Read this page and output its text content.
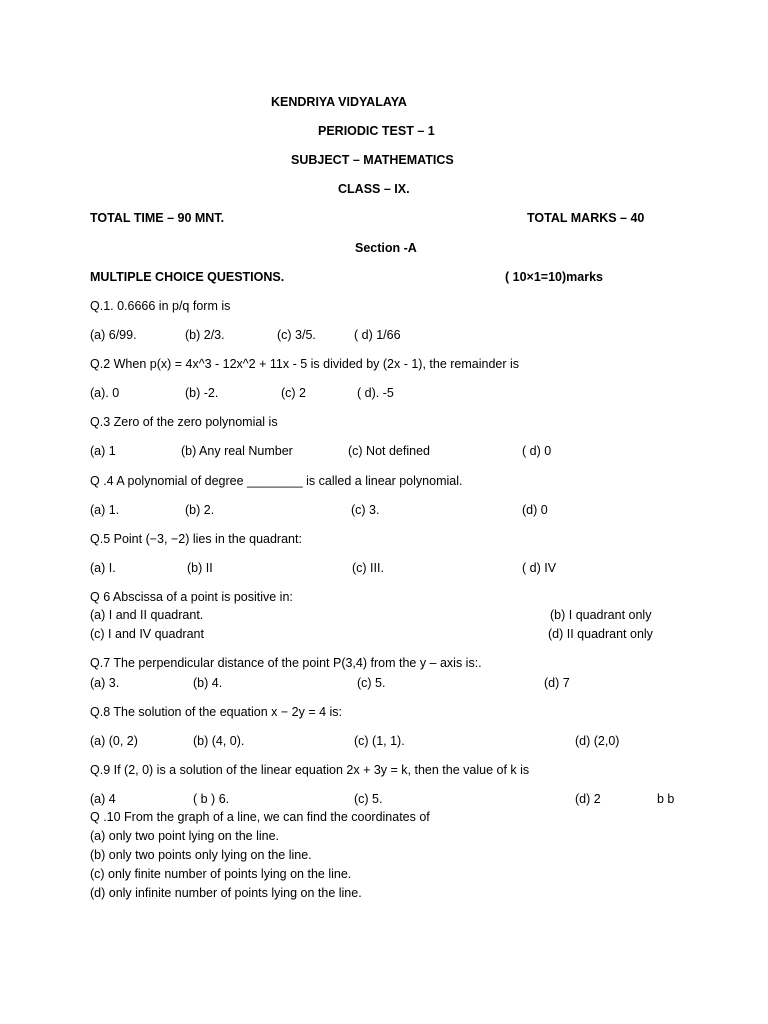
KENDRIYA VIDYALAYA
PERIODIC TEST – 1
SUBJECT – MATHEMATICS
CLASS – IX.
TOTAL TIME – 90 MNT.	TOTAL MARKS – 40
Section -A
MULTIPLE CHOICE QUESTIONS.	( 10×1=10)marks
Q.1. 0.6666 in p/q form is
(a) 6/99.	(b) 2/3.	(c) 3/5.	( d) 1/66
Q.2 When p(x) = 4x^3 - 12x^2 + 11x - 5 is divided by (2x - 1), the remainder is
(a). 0	(b) -2.	(c) 2	( d). -5
Q.3 Zero of the zero polynomial is
(a) 1	(b) Any real Number	(c) Not defined	( d) 0
Q .4 A polynomial of degree ________ is called a linear polynomial.
(a) 1.	(b) 2.	(c) 3.	(d) 0
Q.5 Point (−3, −2) lies in the quadrant:
(a) I.	(b) II	(c) III.	( d) IV
Q 6 Abscissa of a point is positive in:
(a) I and II quadrant.	(b) I quadrant only
(c) I and IV quadrant	(d) II quadrant only
Q.7 The perpendicular distance of the point P(3,4) from the y – axis is:.
(a) 3.	(b) 4.	(c) 5.	(d) 7
Q.8 The solution of the equation x − 2y = 4 is:
(a) (0, 2)	(b) (4, 0).	(c) (1, 1).	(d) (2,0)
Q.9 If (2, 0) is a solution of the linear equation 2x + 3y = k, then the value of k is
(a) 4	( b ) 6.	(c) 5.	(d) 2	b b
Q .10 From the graph of a line, we can find the coordinates of
(a) only two point lying on the line.
(b) only two points only lying on the line.
(c) only finite number of points lying on the line.
(d) only infinite number of points lying on the line.
